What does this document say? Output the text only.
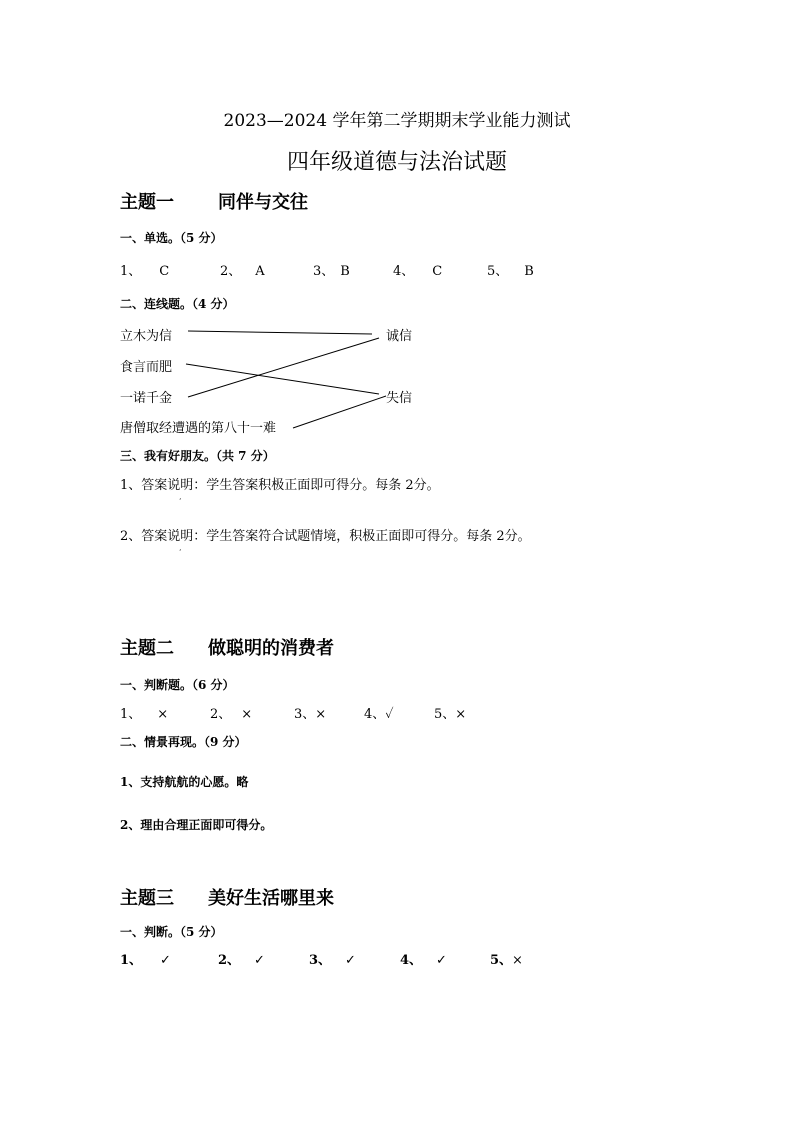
2023—2024 学年第二学期期末学业能力测试
四年级道德与法治试题
主题一 同伴与交往
一、单选。（5 分）
1、 C	2、 A	3、 B	4、 C	5、 B
二、连线题。（4 分）
立木为信
食言而肥
一诺千金
唐僧取经遭遇的第八十一难
诚信
失信
三、我有好朋友。（共 7 分）
1、答案说明：学生答案积极正面即可得分。每条 2分。
,
2、答案说明：学生答案符合试题情境，积极正面即可得分。每条 2分。
,
主题二 做聪明的消费者
一、判断题。（6 分）
1、 ×	2、 ×	3、×	4、✓	5、×
二、情景再现。（9 分）
1、支持航航的心愿。略
2、理由合理正面即可得分。
主题三 美好生活哪里来
一、判断。（5 分）
1、 ✓	2、 ✓	3、 ✓	4、 ✓	5、×
